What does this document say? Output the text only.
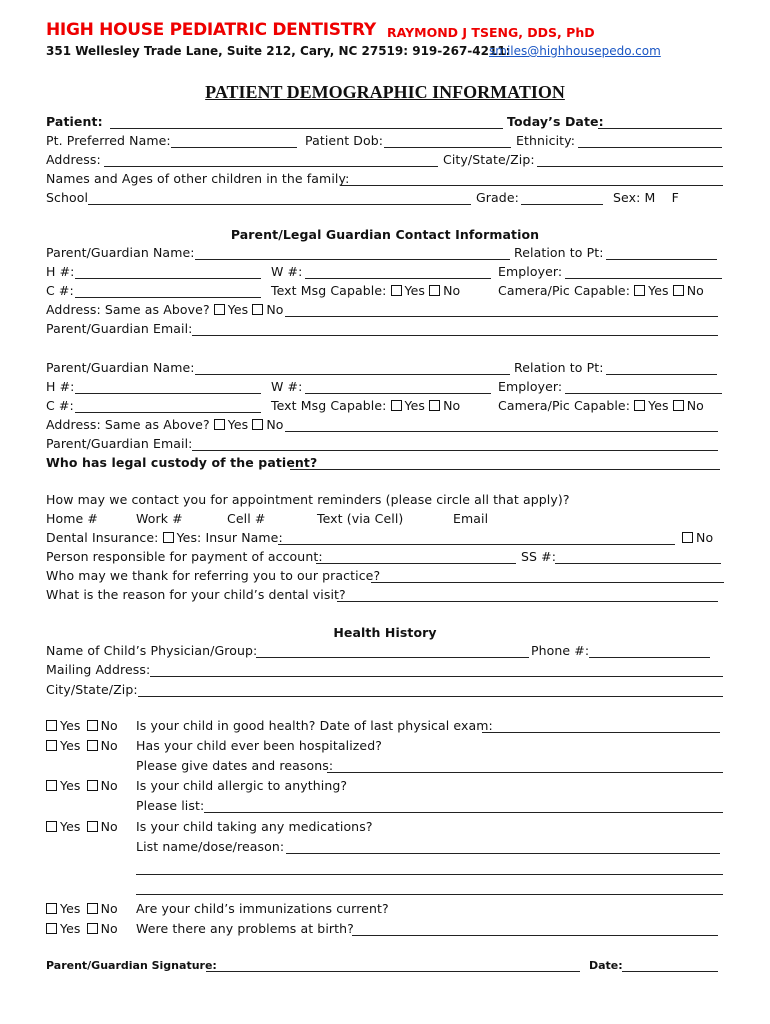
HIGH HOUSE PEDIATRIC DENTISTRY RAYMOND J TSENG, DDS, PhD
351 Wellesley Trade Lane, Suite 212, Cary, NC 27519: 919-267-4211:
smiles@highhousepedo.com
PATIENT DEMOGRAPHIC INFORMATION
Patient:	Today’s Date:
Pt. Preferred Name:	Patient Dob:	Ethnicity:
Address:	City/State/Zip:
Names and Ages of other children in the family:
School	Grade:	Sex: M    F
Parent/Legal Guardian Contact Information
Parent/Guardian Name:	Relation to Pt:
H #:	W #:	Employer:
C #:	Text Msg Capable: Yes No	Camera/Pic Capable: Yes No
Address: Same as Above? Yes No
Parent/Guardian Email:
Parent/Guardian Name:	Relation to Pt:
H #:	W #:	Employer:
C #:	Text Msg Capable: Yes No	Camera/Pic Capable: Yes No
Address: Same as Above? Yes No
Parent/Guardian Email:
Who has legal custody of the patient?
How may we contact you for appointment reminders (please circle all that apply)?
Home #	Work #	Cell #	Text (via Cell)	Email
Dental Insurance: Yes: Insur Name:	No
Person responsible for payment of account:	SS #:
Who may we thank for referring you to our practice?
What is the reason for your child’s dental visit?
Health History
Name of Child’s Physician/Group:	Phone #:
Mailing Address:
City/State/Zip:
Yes No Is your child in good health? Date of last physical exam:
Yes No Has your child ever been hospitalized?
Please give dates and reasons:
Yes No Is your child allergic to anything?
Please list:
Yes No Is your child taking any medications?
List name/dose/reason:
Yes No Are your child’s immunizations current?
Yes No Were there any problems at birth?
Parent/Guardian Signature:	Date:
